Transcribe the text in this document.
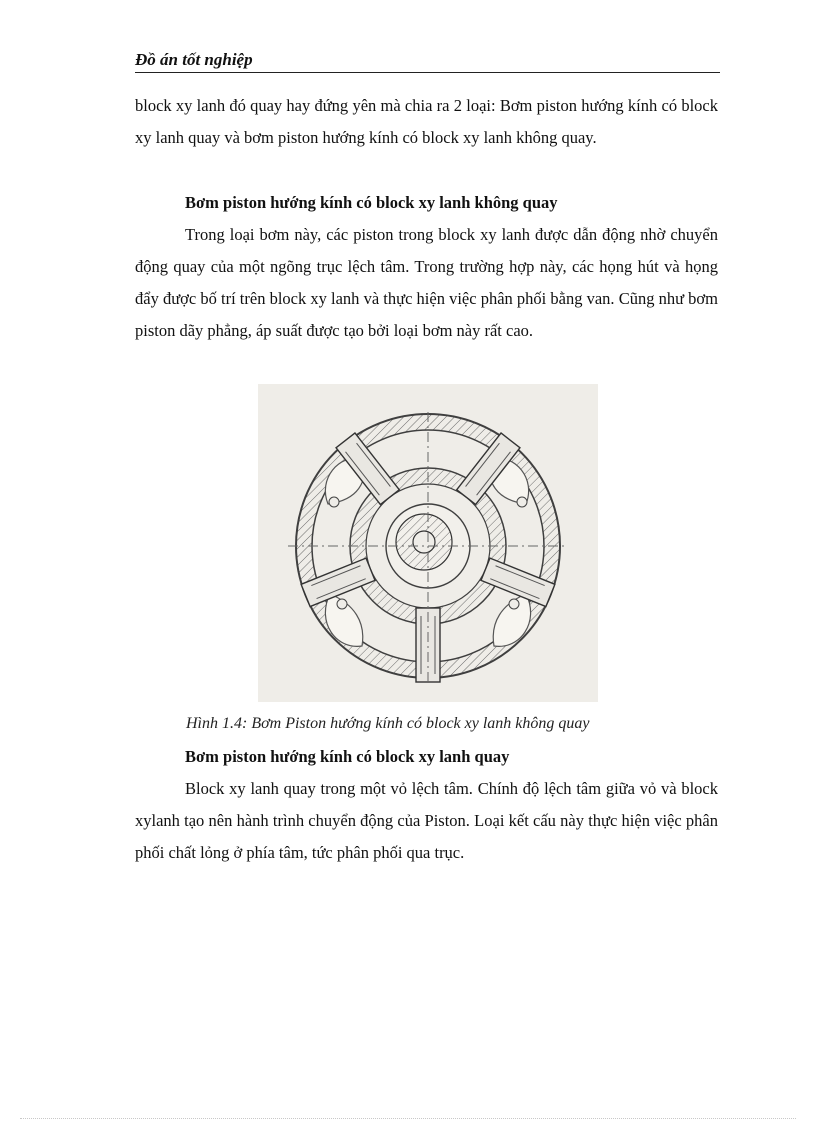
Đồ án tốt nghiệp
block xy lanh đó quay hay đứng yên mà chia ra 2 loại: Bơm piston hướng kính có block xy lanh quay và bơm piston hướng kính có block xy lanh không quay.
Bơm piston hướng kính có block xy lanh không quay
Trong loại bơm này, các piston trong block xy lanh được dẫn động nhờ chuyển động quay của một ngõng trục lệch tâm. Trong trường hợp này, các họng hút và họng đẩy được bố trí trên block xy lanh và thực hiện việc phân phối bằng van. Cũng như bơm piston dãy phẳng, áp suất được tạo bởi loại bơm này rất cao.
Hình 1.4: Bơm Piston hướng kính có block xy lanh không quay
Bơm piston hướng kính có block xy lanh quay
Block xy lanh quay trong một vỏ lệch tâm. Chính độ lệch tâm giữa vỏ và block xylanh tạo nên hành trình chuyển động của Piston. Loại kết cấu này thực hiện việc phân phối chất lỏng ở phía tâm, tức phân phối qua trục.
